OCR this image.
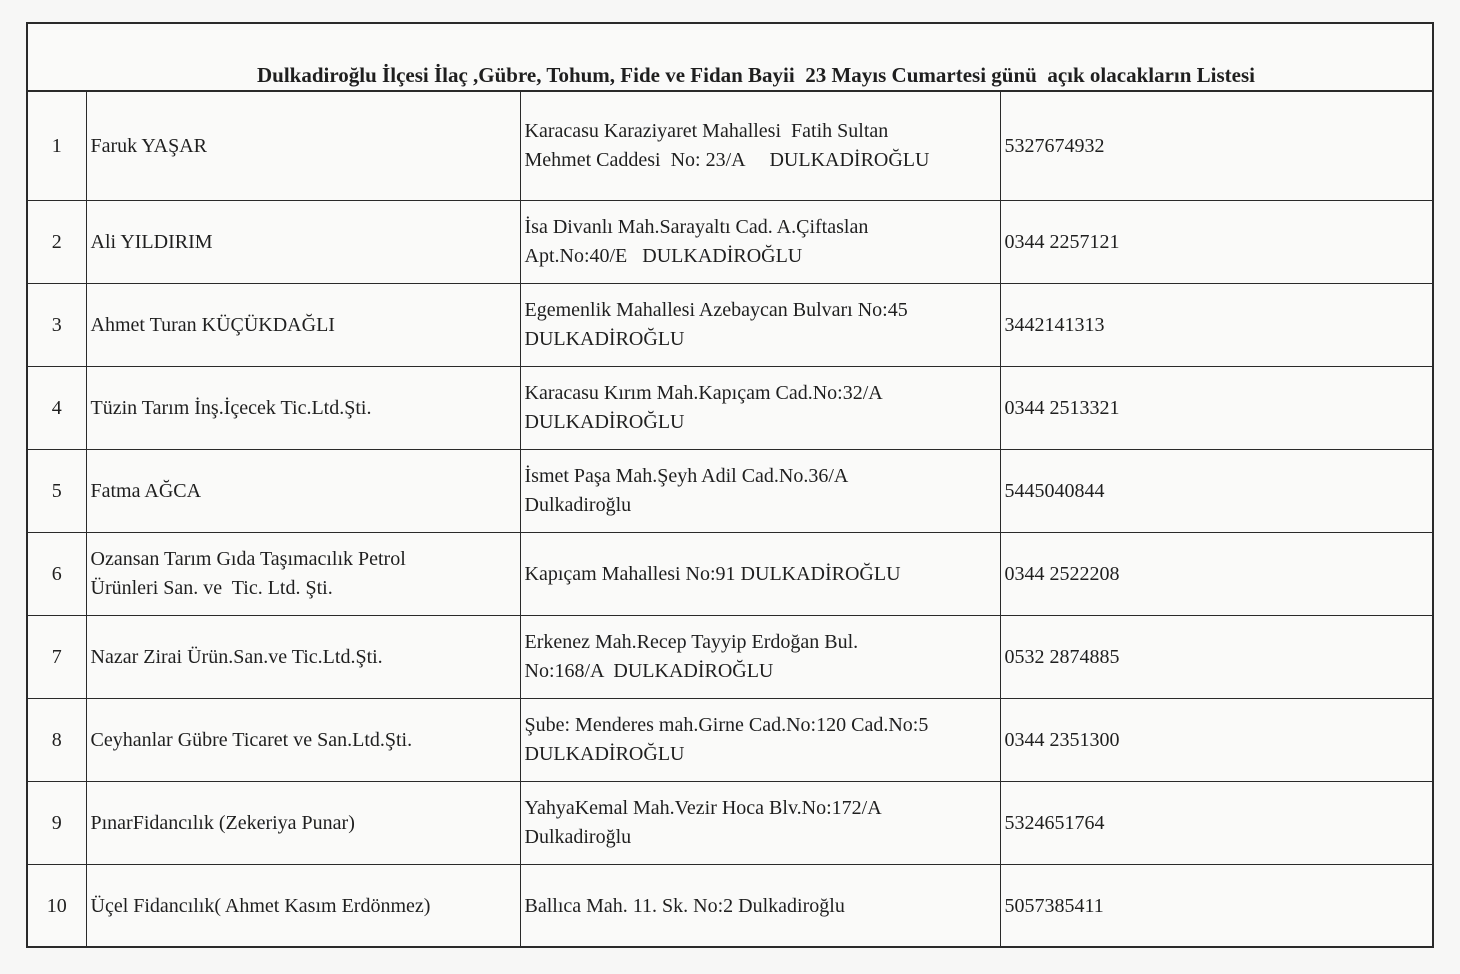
Dulkadiroğlu İlçesi İlaç ,Gübre, Tohum, Fide ve Fidan Bayii  23 Mayıs Cumartesi günü  açık olacakların Listesi
1	Faruk YAŞAR	Karacasu Karaziyaret Mahallesi  Fatih Sultan
Mehmet Caddesi  No: 23/A     DULKADİROĞLU	5327674932
2	Ali YILDIRIM	İsa Divanlı Mah.Sarayaltı Cad. A.Çiftaslan
Apt.No:40/E   DULKADİROĞLU	0344 2257121
3	Ahmet Turan KÜÇÜKDAĞLI	Egemenlik Mahallesi Azebaycan Bulvarı No:45
DULKADİROĞLU	3442141313
4	Tüzin Tarım İnş.İçecek Tic.Ltd.Şti.	Karacasu Kırım Mah.Kapıçam Cad.No:32/A
DULKADİROĞLU	0344 2513321
5	Fatma AĞCA	İsmet Paşa Mah.Şeyh Adil Cad.No.36/A
Dulkadiroğlu	5445040844
6	Ozansan Tarım Gıda Taşımacılık Petrol
Ürünleri San. ve  Tic. Ltd. Şti.	Kapıçam Mahallesi No:91 DULKADİROĞLU	0344 2522208
7	Nazar Zirai Ürün.San.ve Tic.Ltd.Şti.	Erkenez Mah.Recep Tayyip Erdoğan Bul.
No:168/A  DULKADİROĞLU	0532 2874885
8	Ceyhanlar Gübre Ticaret ve San.Ltd.Şti.	Şube: Menderes mah.Girne Cad.No:120 Cad.No:5
DULKADİROĞLU	0344 2351300
9	PınarFidancılık (Zekeriya Punar)	YahyaKemal Mah.Vezir Hoca Blv.No:172/A
Dulkadiroğlu	5324651764
10	Üçel Fidancılık( Ahmet Kasım Erdönmez)	Ballıca Mah. 11. Sk. No:2 Dulkadiroğlu	5057385411
